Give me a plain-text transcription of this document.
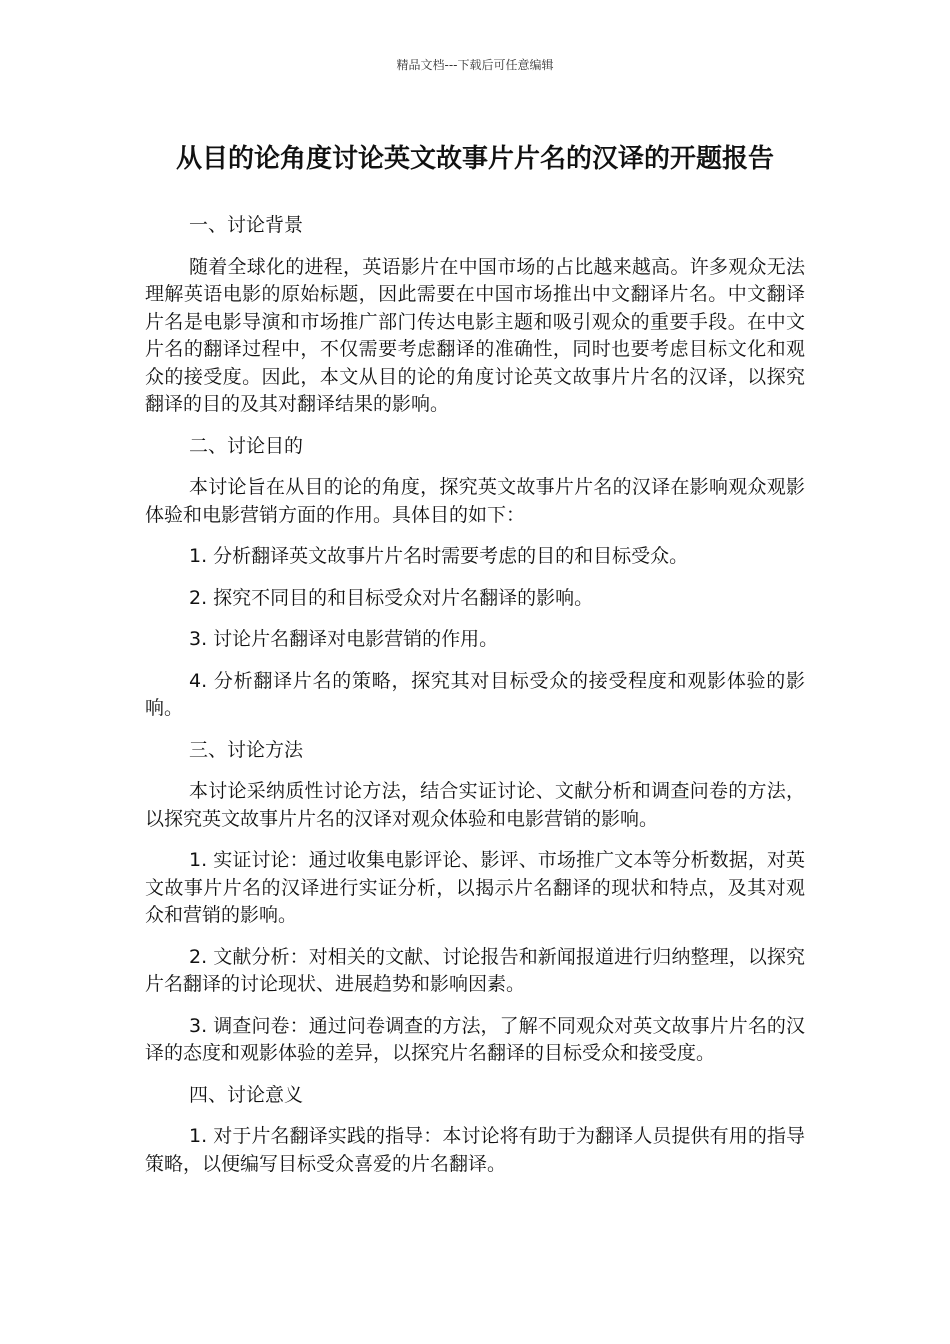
精品文档---下载后可任意编辑
从目的论角度讨论英文故事片片名的汉译的开题报告
一、讨论背景

随着全球化的进程，英语影片在中国市场的占比越来越高。许多观众无法理解英语电影的原始标题，因此需要在中国市场推出中文翻译片名。中文翻译片名是电影导演和市场推广部门传达电影主题和吸引观众的重要手段。在中文片名的翻译过程中，不仅需要考虑翻译的准确性，同时也要考虑目标文化和观众的接受度。因此，本文从目的论的角度讨论英文故事片片名的汉译，以探究翻译的目的及其对翻译结果的影响。

二、讨论目的

本讨论旨在从目的论的角度，探究英文故事片片名的汉译在影响观众观影体验和电影营销方面的作用。具体目的如下：

1. 分析翻译英文故事片片名时需要考虑的目的和目标受众。

2. 探究不同目的和目标受众对片名翻译的影响。

3. 讨论片名翻译对电影营销的作用。

4. 分析翻译片名的策略，探究其对目标受众的接受程度和观影体验的影响。

三、讨论方法

本讨论采纳质性讨论方法，结合实证讨论、文献分析和调查问卷的方法，以探究英文故事片片名的汉译对观众体验和电影营销的影响。

1. 实证讨论：通过收集电影评论、影评、市场推广文本等分析数据，对英文故事片片名的汉译进行实证分析，以揭示片名翻译的现状和特点，及其对观众和营销的影响。

2. 文献分析：对相关的文献、讨论报告和新闻报道进行归纳整理，以探究片名翻译的讨论现状、进展趋势和影响因素。

3. 调查问卷：通过问卷调查的方法，了解不同观众对英文故事片片名的汉译的态度和观影体验的差异，以探究片名翻译的目标受众和接受度。

四、讨论意义

1. 对于片名翻译实践的指导：本讨论将有助于为翻译人员提供有用的指导策略，以便编写目标受众喜爱的片名翻译。
